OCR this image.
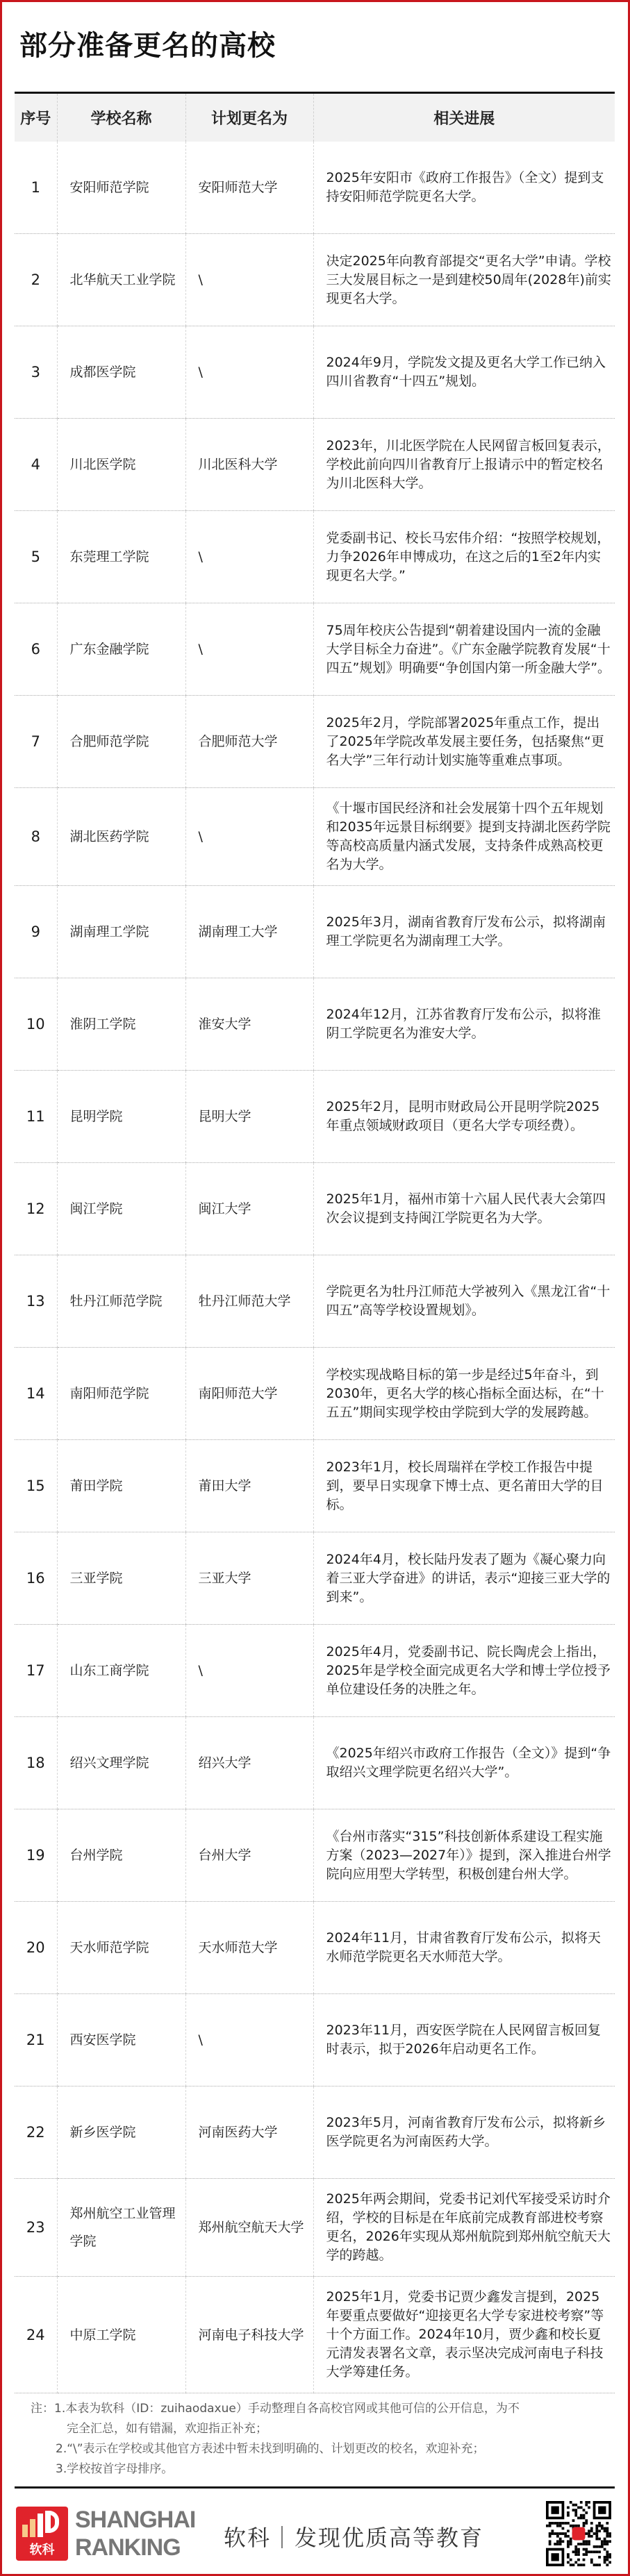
部分准备更名的高校
序号	学校名称	计划更名为	相关进展
1	安阳师范学院	安阳师范大学	2025年安阳市《政府工作报告》（全文）提到支持安阳师范学院更名大学。
2	北华航天工业学院	\	决定2025年向教育部提交“更名大学”申请。学校三大发展目标之一是到建校50周年(2028年)前实现更名大学。
3	成都医学院	\	2024年9月，学院发文提及更名大学工作已纳入四川省教育“十四五”规划。
4	川北医学院	川北医科大学	2023年，川北医学院在人民网留言板回复表示，学校此前向四川省教育厅上报请示中的暂定校名为川北医科大学。
5	东莞理工学院	\	党委副书记、校长马宏伟介绍：“按照学校规划，力争2026年申博成功，在这之后的1至2年内实现更名大学。”
6	广东金融学院	\	75周年校庆公告提到“朝着建设国内一流的金融大学目标全力奋进”。《广东金融学院教育发展“十四五”规划》明确要“争创国内第一所金融大学”。
7	合肥师范学院	合肥师范大学	2025年2月，学院部署2025年重点工作，提出了2025年学院改革发展主要任务，包括聚焦“更名大学”三年行动计划实施等重难点事项。
8	湖北医药学院	\	《十堰市国民经济和社会发展第十四个五年规划和2035年远景目标纲要》提到支持湖北医药学院等高校高质量内涵式发展，支持条件成熟高校更名为大学。
9	湖南理工学院	湖南理工大学	2025年3月，湖南省教育厅发布公示，拟将湖南理工学院更名为湖南理工大学。
10	淮阴工学院	淮安大学	2024年12月，江苏省教育厅发布公示，拟将淮阴工学院更名为淮安大学。
11	昆明学院	昆明大学	2025年2月，昆明市财政局公开昆明学院2025年重点领域财政项目（更名大学专项经费）。
12	闽江学院	闽江大学	2025年1月，福州市第十六届人民代表大会第四次会议提到支持闽江学院更名为大学。
13	牡丹江师范学院	牡丹江师范大学	学院更名为牡丹江师范大学被列入《黑龙江省“十四五”高等学校设置规划》。
14	南阳师范学院	南阳师范大学	学校实现战略目标的第一步是经过5年奋斗，到2030年，更名大学的核心指标全面达标，在“十五五”期间实现学校由学院到大学的发展跨越。
15	莆田学院	莆田大学	2023年1月，校长周瑞祥在学校工作报告中提到，要早日实现拿下博士点、更名莆田大学的目标。
16	三亚学院	三亚大学	2024年4月，校长陆丹发表了题为《凝心聚力向着三亚大学奋进》的讲话，表示“迎接三亚大学的到来”。
17	山东工商学院	\	2025年4月，党委副书记、院长陶虎会上指出，2025年是学校全面完成更名大学和博士学位授予单位建设任务的决胜之年。
18	绍兴文理学院	绍兴大学	《2025年绍兴市政府工作报告（全文）》提到“争取绍兴文理学院更名绍兴大学”。
19	台州学院	台州大学	《台州市落实“315”科技创新体系建设工程实施方案（2023—2027年）》提到，深入推进台州学院向应用型大学转型，积极创建台州大学。
20	天水师范学院	天水师范大学	2024年11月，甘肃省教育厅发布公示，拟将天水师范学院更名天水师范大学。
21	西安医学院	\	2023年11月，西安医学院在人民网留言板回复时表示，拟于2026年启动更名工作。
22	新乡医学院	河南医药大学	2023年5月，河南省教育厅发布公示，拟将新乡医学院更名为河南医药大学。
23	郑州航空工业管理学院	郑州航空航天大学	2025年两会期间，党委书记刘代军接受采访时介绍，学校的目标是在年底前完成教育部进校考察更名，2026年实现从郑州航院到郑州航空航天大学的跨越。
24	中原工学院	河南电子科技大学	2025年1月，党委书记贾少鑫发言提到，2025年要重点要做好“迎接更名大学专家进校考察”等十个方面工作。2024年10月，贾少鑫和校长夏元清发表署名文章，表示坚决完成河南电子科技大学筹建任务。
注：1.本表为软科（ID：zuihaodaxue）手动整理自各高校官网或其他可信的公开信息，为不
完全汇总，如有错漏，欢迎指正补充；
2.“\”表示在学校或其他官方表述中暂未找到明确的、计划更改的校名，欢迎补充；
3.学校按首字母排序。
软科
SHANGHAI
RANKING	软科｜发现优质高等教育
